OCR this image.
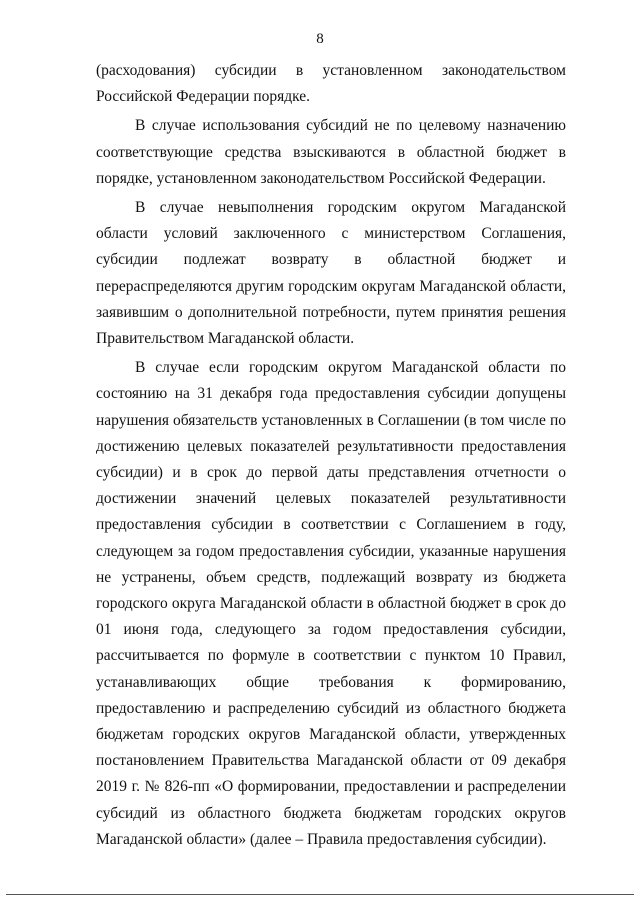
8

(расходования) субсидии в установленном законодательством Российской Федерации порядке.

В случае использования субсидий не по целевому назначению соответствующие средства взыскиваются в областной бюджет в порядке, установленном законодательством Российской Федерации.

В случае невыполнения городским округом Магаданской области условий заключенного с министерством Соглашения, субсидии подлежат возврату в областной бюджет и перераспределяются другим городским округам Магаданской области, заявившим о дополнительной потребности, путем принятия решения Правительством Магаданской области.

В случае если городским округом Магаданской области по состоянию на 31 декабря года предоставления субсидии допущены нарушения обязательств установленных в Соглашении (в том числе по достижению целевых показателей результативности предоставления субсидии) и в срок до первой даты представления отчетности о достижении значений целевых показателей результативности предоставления субсидии в соответствии с Соглашением в году, следующем за годом предоставления субсидии, указанные нарушения не устранены, объем средств, подлежащий возврату из бюджета городского округа Магаданской области в областной бюджет в срок до 01 июня года, следующего за годом предоставления субсидии, рассчитывается по формуле в соответствии с пунктом 10 Правил, устанавливающих общие требования к формированию, предоставлению и распределению субсидий из областного бюджета бюджетам городских округов Магаданской области, утвержденных постановлением Правительства Магаданской области от 09 декабря 2019 г. № 826-пп «О формировании, предоставлении и распределении субсидий из областного бюджета бюджетам городских округов Магаданской области» (далее – Правила предоставления субсидии).
